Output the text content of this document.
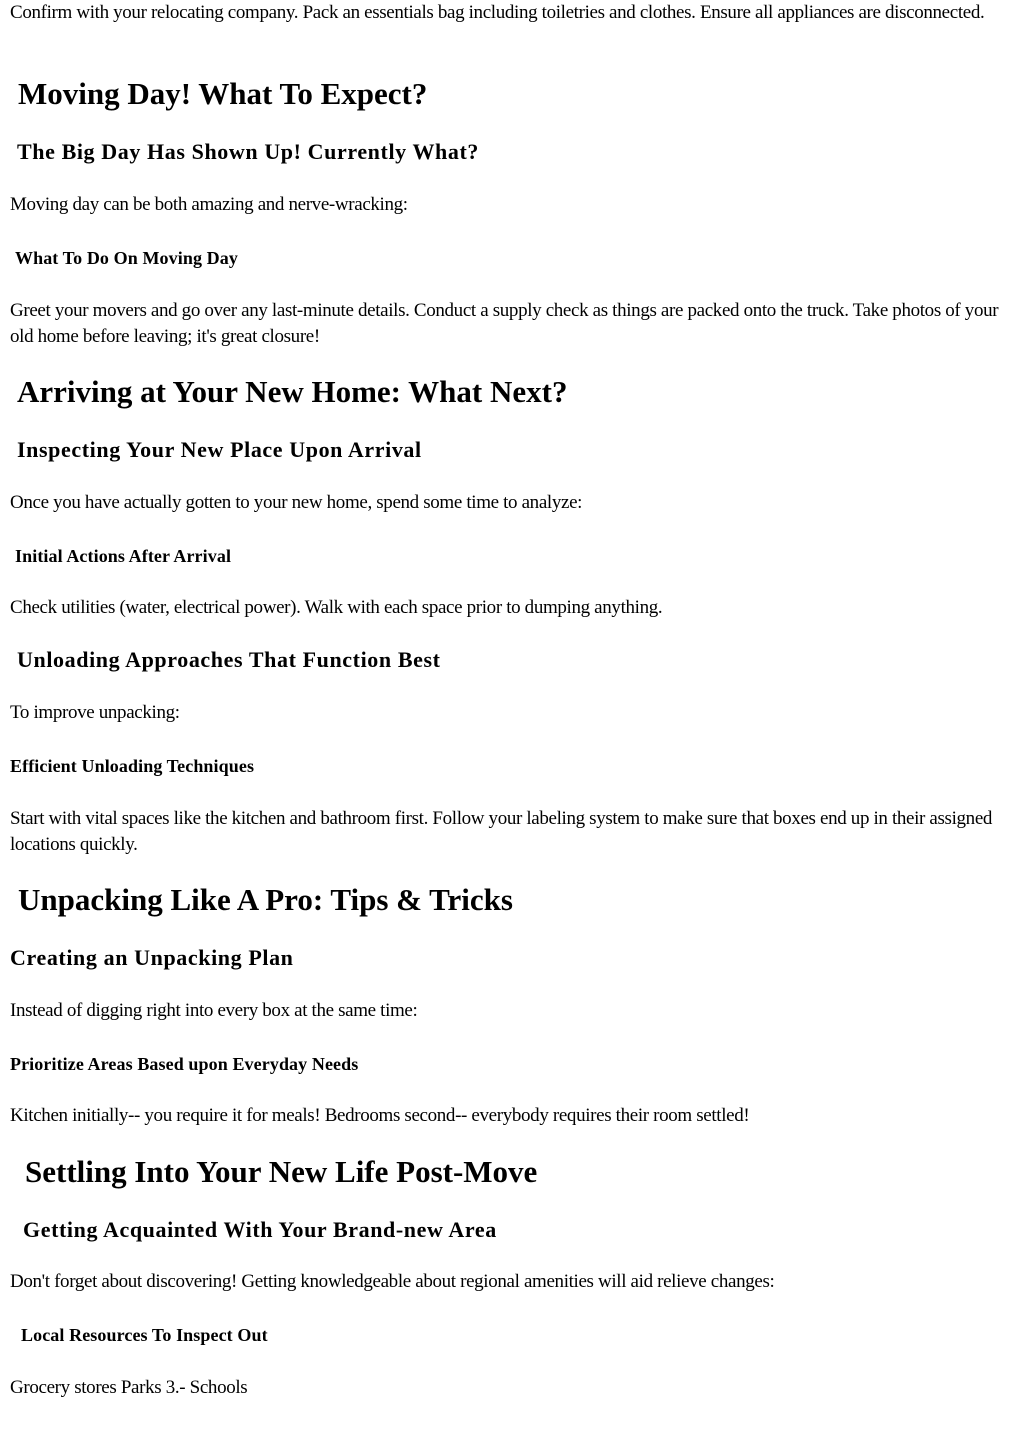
Confirm with your relocating company. Pack an essentials bag including toiletries and clothes. Ensure all appliances are disconnected.

Moving Day! What To Expect?
The Big Day Has Shown Up! Currently What?

Moving day can be both amazing and nerve-wracking:

What To Do On Moving Day

Greet your movers and go over any last-minute details. Conduct a supply check as things are packed onto the truck. Take photos of your old home before leaving; it's great closure!

Arriving at Your New Home: What Next?
Inspecting Your New Place Upon Arrival

Once you have actually gotten to your new home, spend some time to analyze:

Initial Actions After Arrival

Check utilities (water, electrical power). Walk with each space prior to dumping anything.

Unloading Approaches That Function Best

To improve unpacking:

Efficient Unloading Techniques

Start with vital spaces like the kitchen and bathroom first. Follow your labeling system to make sure that boxes end up in their assigned locations quickly.

Unpacking Like A Pro: Tips & Tricks
Creating an Unpacking Plan

Instead of digging right into every box at the same time:

Prioritize Areas Based upon Everyday Needs

Kitchen initially-- you require it for meals! Bedrooms second-- everybody requires their room settled!

Settling Into Your New Life Post-Move
Getting Acquainted With Your Brand-new Area

Don't forget about discovering! Getting knowledgeable about regional amenities will aid relieve changes:

Local Resources To Inspect Out

Grocery stores Parks 3.- Schools
